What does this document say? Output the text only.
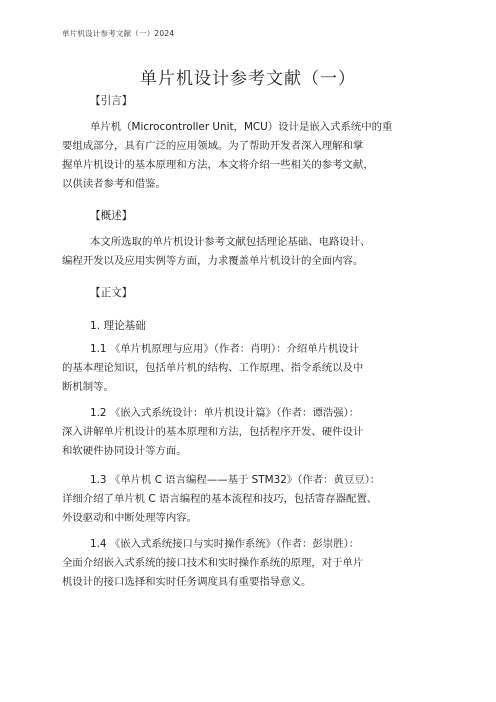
单片机设计参考文献（一）2024
单片机设计参考文献（一）
【引言】
单片机（Microcontroller Unit，MCU）设计是嵌入式系统中的重
要组成部分，具有广泛的应用领域。为了帮助开发者深入理解和掌
握单片机设计的基本原理和方法，本文将介绍一些相关的参考文献，
以供读者参考和借鉴。
【概述】
本文所选取的单片机设计参考文献包括理论基础、电路设计、
编程开发以及应用实例等方面，力求覆盖单片机设计的全面内容。
【正文】
1. 理论基础
1.1 《单片机原理与应用》（作者：肖明）：介绍单片机设计
的基本理论知识，包括单片机的结构、工作原理、指令系统以及中
断机制等。
1.2 《嵌入式系统设计：单片机设计篇》（作者：谭浩强）：
深入讲解单片机设计的基本原理和方法，包括程序开发、硬件设计
和软硬件协同设计等方面。
1.3 《单片机 C 语言编程——基于 STM32》（作者：黄豆豆）：
详细介绍了单片机 C 语言编程的基本流程和技巧，包括寄存器配置、
外设驱动和中断处理等内容。
1.4 《嵌入式系统接口与实时操作系统》（作者：彭崇胜）：
全面介绍嵌入式系统的接口技术和实时操作系统的原理，对于单片
机设计的接口选择和实时任务调度具有重要指导意义。
